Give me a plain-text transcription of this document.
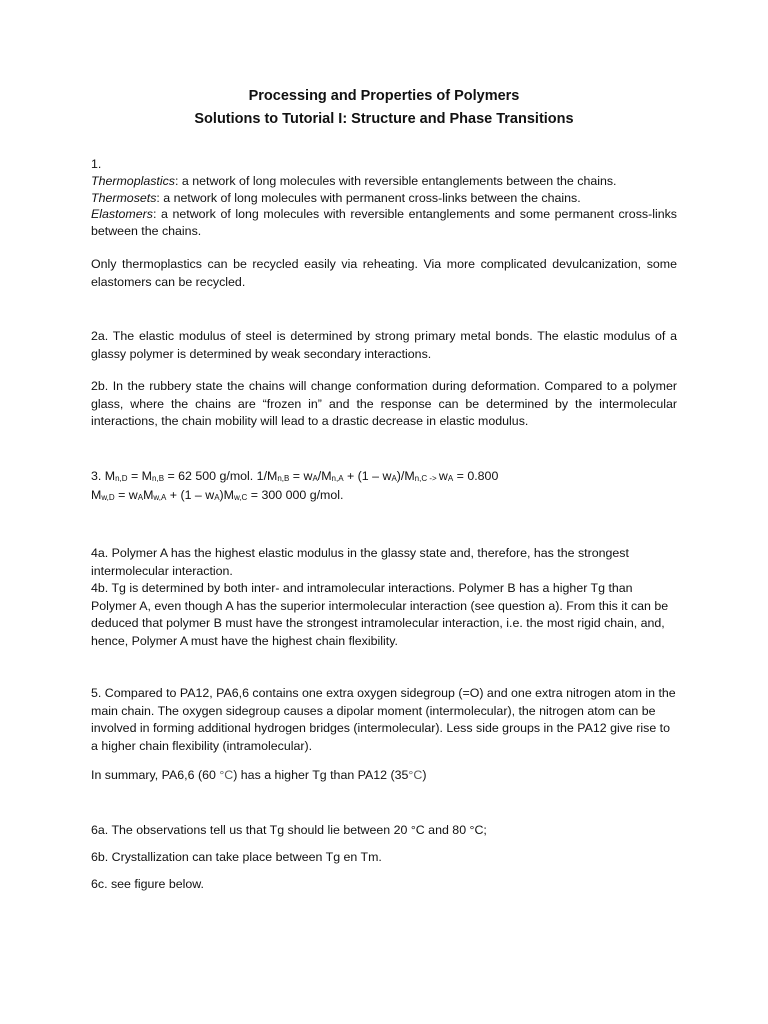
Processing and Properties of Polymers
Solutions to Tutorial I: Structure and Phase Transitions
1.
Thermoplastics: a network of long molecules with reversible entanglements between the chains.
Thermosets: a network of long molecules with permanent cross-links between the chains.
Elastomers: a network of long molecules with reversible entanglements and some permanent cross-links between the chains.
Only thermoplastics can be recycled easily via reheating. Via more complicated devulcanization, some elastomers can be recycled.
2a. The elastic modulus of steel is determined by strong primary metal bonds. The elastic modulus of a glassy polymer is determined by weak secondary interactions.
2b. In the rubbery state the chains will change conformation during deformation. Compared to a polymer glass, where the chains are “frozen in” and the response can be determined by the intermolecular interactions, the chain mobility will lead to a drastic decrease in elastic modulus.
3. $M_{n,D} = M_{n,B} = 62$ 500 g/mol. $1/M_{n,B} = w_A/M_{n,A} + (1 - w_A)/M_{n,C ->}$ $w_A = 0.800$
$M_{w,D} = w_AM_{w,A} + (1 - w_A)M_{w,C} = 300$ 000 g/mol.
4a. Polymer A has the highest elastic modulus in the glassy state and, therefore, has the strongest intermolecular interaction.
4b. Tg is determined by both inter- and intramolecular interactions. Polymer B has a higher Tg than Polymer A, even though A has the superior intermolecular interaction (see question a). From this it can be deduced that polymer B must have the strongest intramolecular interaction, i.e. the most rigid chain, and, hence, Polymer A must have the highest chain flexibility.
5. Compared to PA12, PA6,6 contains one extra oxygen sidegroup (=O) and one extra nitrogen atom in the main chain. The oxygen sidegroup causes a dipolar moment (intermolecular), the nitrogen atom can be involved in forming additional hydrogen bridges (intermolecular). Less side groups in the PA12 give rise to a higher chain flexibility (intramolecular).
In summary, PA6,6 (60 °C) has a higher Tg than PA12 (35°C)
6a. The observations tell us that Tg should lie between 20 °C and 80 °C;
6b. Crystallization can take place between Tg en Tm.
6c. see figure below.
